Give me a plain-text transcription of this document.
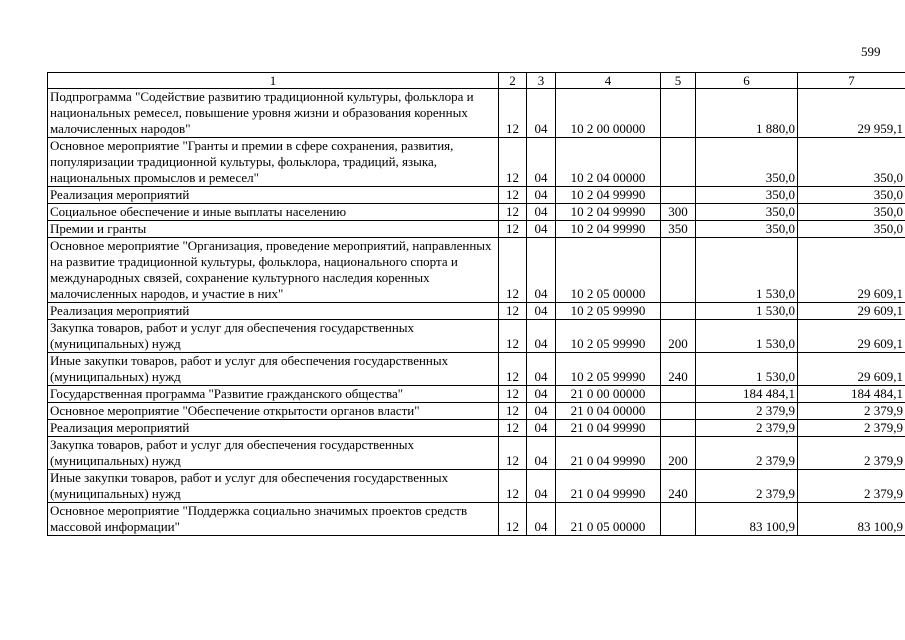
599
1	2	3	4	5	6	7
Подпрограмма "Содействие развитию традиционной культуры, фольклора и национальных ремесел, повышение уровня жизни и образования коренных малочисленных народов"	12	04	10 2 00 00000		1 880,0	29 959,1
Основное мероприятие "Гранты и премии в сфере сохранения, развития, популяризации традиционной культуры, фольклора, традиций, языка, национальных промыслов и ремесел"	12	04	10 2 04 00000		350,0	350,0
Реализация мероприятий	12	04	10 2 04 99990		350,0	350,0
Социальное обеспечение и иные выплаты населению	12	04	10 2 04 99990	300	350,0	350,0
Премии и гранты	12	04	10 2 04 99990	350	350,0	350,0
Основное мероприятие "Организация, проведение мероприятий, направленных на развитие традиционной культуры, фольклора, национального спорта и международных связей, сохранение культурного наследия коренных малочисленных народов, и участие в них"	12	04	10 2 05 00000		1 530,0	29 609,1
Реализация мероприятий	12	04	10 2 05 99990		1 530,0	29 609,1
Закупка товаров, работ и услуг для обеспечения государственных (муниципальных) нужд	12	04	10 2 05 99990	200	1 530,0	29 609,1
Иные закупки товаров, работ и услуг для обеспечения государственных (муниципальных) нужд	12	04	10 2 05 99990	240	1 530,0	29 609,1
Государственная программа "Развитие гражданского общества"	12	04	21 0 00 00000		184 484,1	184 484,1
Основное мероприятие "Обеспечение открытости органов власти"	12	04	21 0 04 00000		2 379,9	2 379,9
Реализация мероприятий	12	04	21 0 04 99990		2 379,9	2 379,9
Закупка товаров, работ и услуг для обеспечения государственных (муниципальных) нужд	12	04	21 0 04 99990	200	2 379,9	2 379,9
Иные закупки товаров, работ и услуг для обеспечения государственных (муниципальных) нужд	12	04	21 0 04 99990	240	2 379,9	2 379,9
Основное мероприятие "Поддержка социально значимых проектов средств массовой информации"	12	04	21 0 05 00000		83 100,9	83 100,9
